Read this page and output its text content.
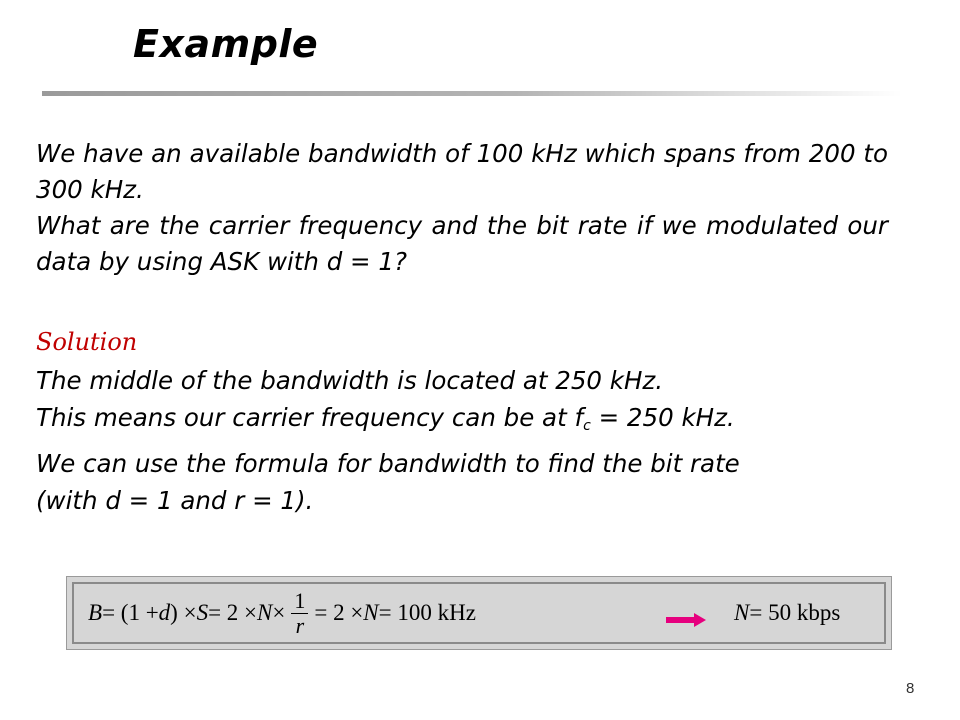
Example

We have an available bandwidth of 100 kHz which spans from 200 to 300 kHz.

What are the carrier frequency and the bit rate if we modulated our data by using ASK with d = 1?

Solution

The middle of the bandwidth is located at 250 kHz.

This means our carrier frequency can be at $f_c = 250$ kHz.

We can use the formula for bandwidth to find the bit rate

(with d = 1 and r = 1).

B = (1 + d ) × $S = 2 \times N \times \frac{1}{r} = 2 \times N = 100$ kHz	N = 50 kbps
8
